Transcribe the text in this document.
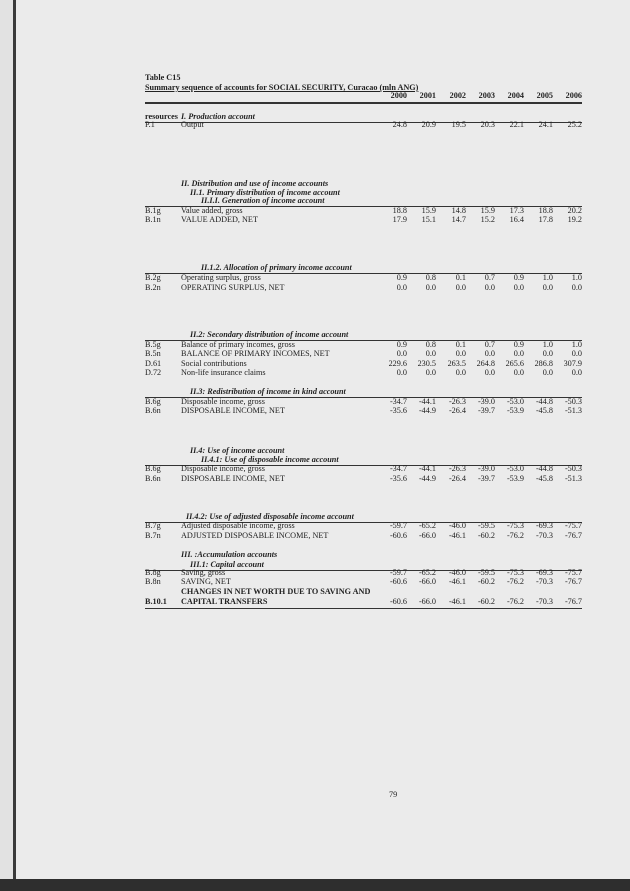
Table C15
Summary sequence of accounts for SOCIAL SECURITY, Curacao (mln ANG)
resources
79
2000	2001	2002	2003	2004	2005	2006
I. Production account
P.1	Output	24.8	20.9	19.5	20.3	22.1	24.1	25.2
II. Distribution and use of income accounts
II.1. Primary distribution of income account
II.I.I. Generation of income account
B.1g Value added, gross	18.8	15.9	14.8	15.9	17.3	18.8	20.2
B.1n VALUE ADDED, NET	17.9	15.1	14.7	15.2	16.4	17.8	19.2
II.1.2. Allocation of primary income account
B.2g Operating surplus, gross	0.9	0.8	0.1	0.7	0.9	1.0	1.0
B.2n OPERATING SURPLUS, NET	0.0	0.0	0.0	0.0	0.0	0.0	0.0
II.2: Secondary distribution of income account
B.5g Balance of primary incomes, gross	0.9	0.8	0.1	0.7	0.9	1.0	1.0
B.5n BALANCE OF PRIMARY INCOMES, NET	0.0	0.0	0.0	0.0	0.0	0.0	0.0
D.61 Social contributions	229.6	230.5	263.5	264.8	265.6	286.8	307.9
D.72 Non-life insurance claims	0.0	0.0	0.0	0.0	0.0	0.0	0.0
II.3: Redistribution of income in kind account
B.6g Disposable income, gross	-34.7	-44.1	-26.3	-39.0	-53.0	-44.8	-50.3
B.6n DISPOSABLE INCOME, NET	-35.6	-44.9	-26.4	-39.7	-53.9	-45.8	-51.3
II.4: Use of income account
II.4.1: Use of disposable income account
B.6g Disposable income, gross	-34.7	-44.1	-26.3	-39.0	-53.0	-44.8	-50.3
B.6n DISPOSABLE INCOME, NET	-35.6	-44.9	-26.4	-39.7	-53.9	-45.8	-51.3
II.4.2: Use of adjusted disposable income account
B.7g Adjusted disposable income, gross	-59.7	-65.2	-46.0	-59.5	-75.3	-69.3	-75.7
B.7n ADJUSTED DISPOSABLE INCOME, NET	-60.6	-66.0	-46.1	-60.2	-76.2	-70.3	-76.7
III. :Accumulation accounts
III.1: Capital account
B.8g Saving, gross	-59.7	-65.2	-46.0	-59.5	-75.3	-69.3	-75.7
B.8n SAVING, NET	-60.6	-66.0	-46.1	-60.2	-76.2	-70.3	-76.7
CHANGES IN NET WORTH DUE TO SAVING AND
B.10.1 CAPITAL TRANSFERS	-60.6	-66.0	-46.1	-60.2	-76.2	-70.3	-76.7
